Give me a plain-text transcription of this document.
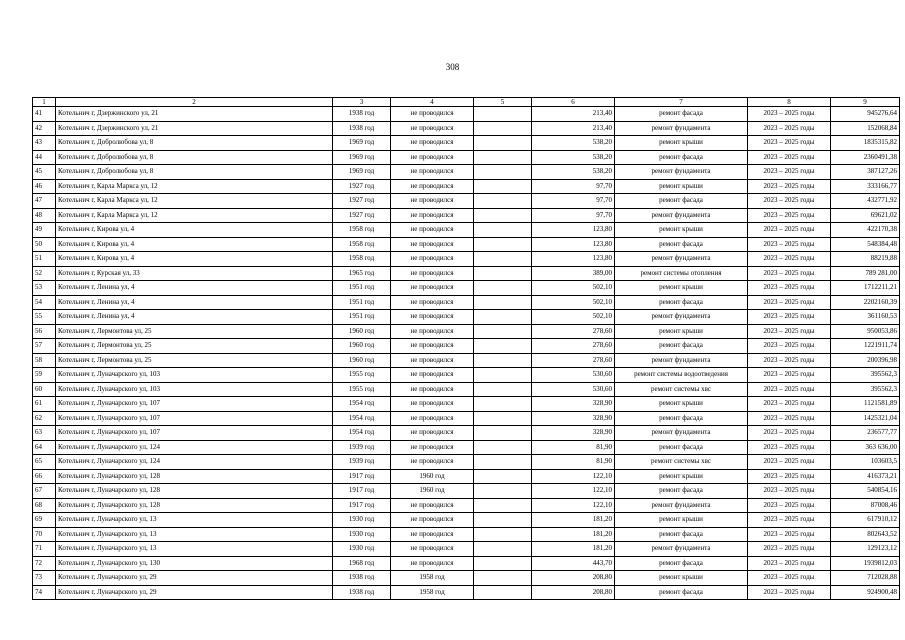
308
1	2	3	4	5	6	7	8	9
41	Котельнич г, Дзержинского ул, 21	1938 год	не проводился		213,40	ремонт фасада	2023 – 2025 годы	945276,64
42	Котельнич г, Дзержинского ул, 21	1938 год	не проводился		213,40	ремонт фундамента	2023 – 2025 годы	152068,84
43	Котельнич г, Добролюбова ул, 8	1969 год	не проводился		538,20	ремонт крыши	2023 – 2025 годы	1835315,82
44	Котельнич г, Добролюбова ул, 8	1969 год	не проводился		538,20	ремонт фасада	2023 – 2025 годы	2360491,38
45	Котельнич г, Добролюбова ул, 8	1969 год	не проводился		538,20	ремонт фундамента	2023 – 2025 годы	387127,26
46	Котельнич г, Карла Маркса ул, 12	1927 год	не проводился		97,70	ремонт крыши	2023 – 2025 годы	333166,77
47	Котельнич г, Карла Маркса ул, 12	1927 год	не проводился		97,70	ремонт фасада	2023 – 2025 годы	432771,92
48	Котельнич г, Карла Маркса ул, 12	1927 год	не проводился		97,70	ремонт фундамента	2023 – 2025 годы	69621,02
49	Котельнич г, Кирова ул, 4	1958 год	не проводился		123,80	ремонт крыши	2023 – 2025 годы	422170,38
50	Котельнич г, Кирова ул, 4	1958 год	не проводился		123,80	ремонт фасада	2023 – 2025 годы	548384,48
51	Котельнич г, Кирова ул, 4	1958 год	не проводился		123,80	ремонт фундамента	2023 – 2025 годы	88219,88
52	Котельнич г, Курская ул, 33	1965 год	не проводился		389,00	ремонт системы отопления	2023 – 2025 годы	789 281,00
53	Котельнич г, Ленина ул, 4	1951 год	не проводился		502,10	ремонт крыши	2023 – 2025 годы	1712211,21
54	Котельнич г, Ленина ул, 4	1951 год	не проводился		502,10	ремонт фасада	2023 – 2025 годы	2202160,39
55	Котельнич г, Ленина ул, 4	1951 год	не проводился		502,10	ремонт фундамента	2023 – 2025 годы	361160,53
56	Котельнич г, Лермонтова ул, 25	1960 год	не проводился		278,60	ремонт крыши	2023 – 2025 годы	950053,86
57	Котельнич г, Лермонтова ул, 25	1960 год	не проводился		278,60	ремонт фасада	2023 – 2025 годы	1221911,74
58	Котельнич г, Лермонтова ул, 25	1960 год	не проводился		278,60	ремонт фундамента	2023 – 2025 годы	200396,98
59	Котельнич г, Луначарского ул, 103	1955 год	не проводился		530,60	ремонт системы водоотведения	2023 – 2025 годы	395562,3
60	Котельнич г, Луначарского ул, 103	1955 год	не проводился		530,60	ремонт системы хвс	2023 – 2025 годы	395562,3
61	Котельнич г, Луначарского ул, 107	1954 год	не проводился		328,90	ремонт крыши	2023 – 2025 годы	1121581,89
62	Котельнич г, Луначарского ул, 107	1954 год	не проводился		328,90	ремонт фасада	2023 – 2025 годы	1425321,04
63	Котельнич г, Луначарского ул, 107	1954 год	не проводился		328,90	ремонт фундамента	2023 – 2025 годы	236577,77
64	Котельнич г, Луначарского ул, 124	1939 год	не проводился		81,90	ремонт фасада	2023 – 2025 годы	363 636,00
65	Котельнич г, Луначарского ул, 124	1939 год	не проводился		81,90	ремонт системы хвс	2023 – 2025 годы	103603,5
66	Котельнич г, Луначарского ул, 128	1917 год	1960 год		122,10	ремонт крыши	2023 – 2025 годы	416373,21
67	Котельнич г, Луначарского ул, 128	1917 год	1960 год		122,10	ремонт фасада	2023 – 2025 годы	540854,16
68	Котельнич г, Луначарского ул, 128	1917 год	не проводился		122,10	ремонт фундамента	2023 – 2025 годы	87008,46
69	Котельнич г, Луначарского ул, 13	1930 год	не проводился		181,20	ремонт крыши	2023 – 2025 годы	617910,12
70	Котельнич г, Луначарского ул, 13	1930 год	не проводился		181,20	ремонт фасада	2023 – 2025 годы	802643,52
71	Котельнич г, Луначарского ул, 13	1930 год	не проводился		181,20	ремонт фундамента	2023 – 2025 годы	129123,12
72	Котельнич г, Луначарского ул, 130	1968 год	не проводился		443,70	ремонт фасада	2023 – 2025 годы	1939812,03
73	Котельнич г, Луначарского ул, 29	1938 год	1958 год		208,80	ремонт крыши	2023 – 2025 годы	712028,88
74	Котельнич г, Луначарского ул, 29	1938 год	1958 год		208,80	ремонт фасада	2023 – 2025 годы	924900,48
